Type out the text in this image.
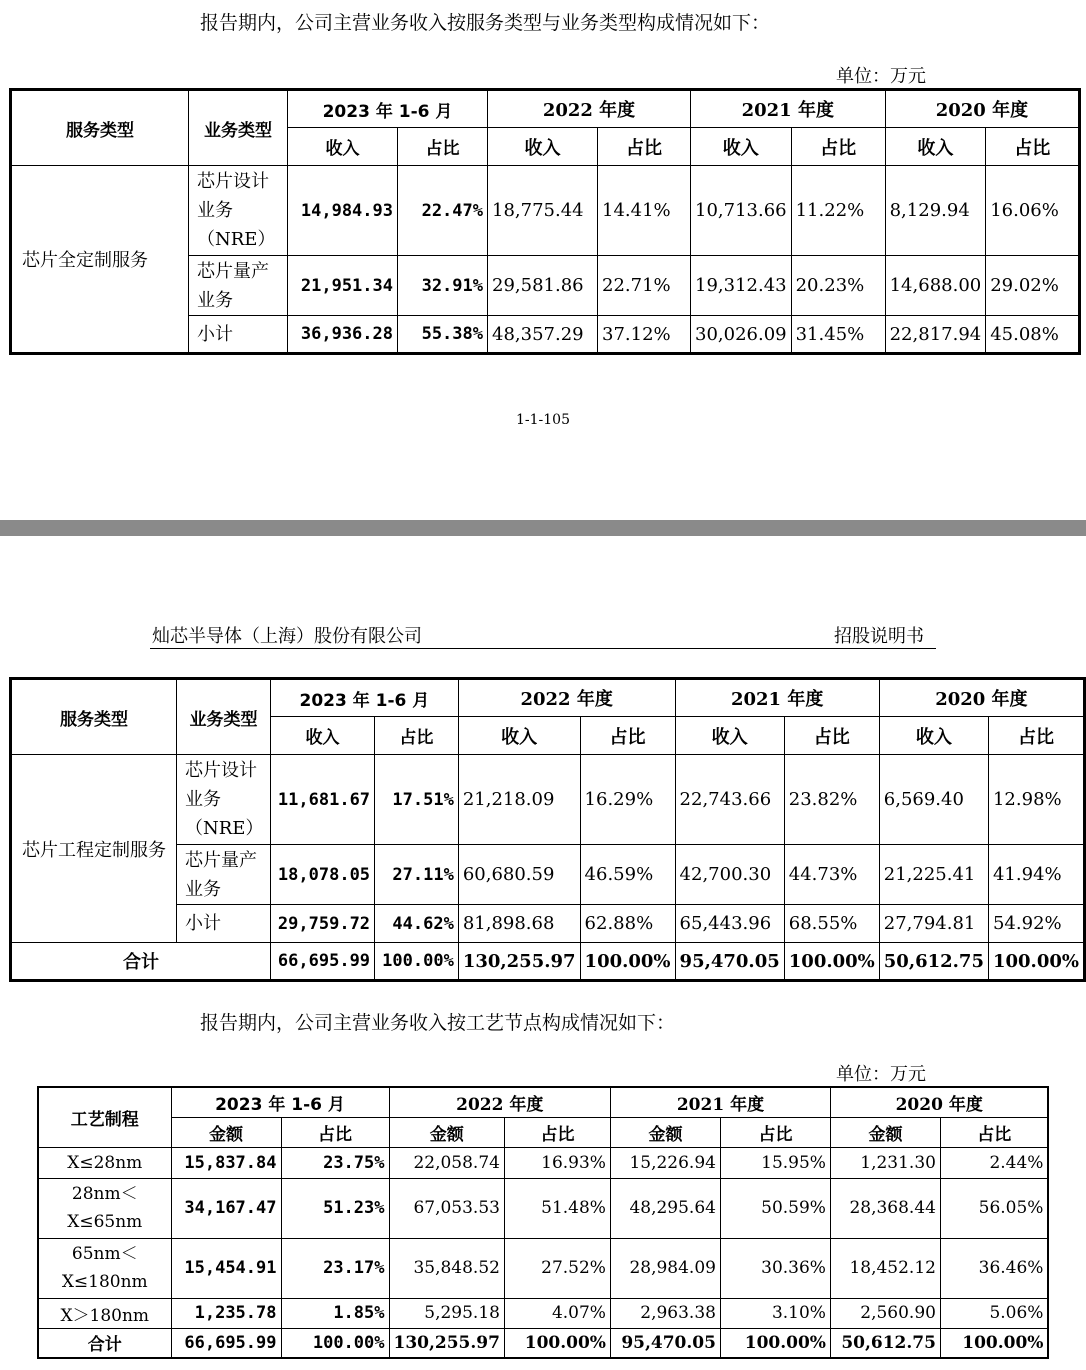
报告期内，公司主营业务收入按服务类型与业务类型构成情况如下：
单位：万元
服务类型	业务类型	2023 年 1-6 月		2022 年度		2021 年度		2020 年度	
		收入	占比	收入	占比	收入	占比	收入	占比
芯片全定制服务	芯片设计
业务
（NRE）	14,984.93	22.47%	18,775.44	14.41%	10,713.66	11.22%	8,129.94	16.06%

	芯片量产
业务	21,951.34	32.91%	29,581.86	22.71%	19,312.43	20.23%	14,688.00	29.02%
	小计	36,936.28	55.38%	48,357.29	37.12%	30,026.09	31.45%	22,817.94	45.08%
1-1-105
灿芯半导体（上海）股份有限公司	招股说明书
服务类型	业务类型	2023 年 1-6 月		2022 年度		2021 年度		2020 年度	
		收入	占比	收入	占比	收入	占比	收入	占比
芯片工程定制服务	芯片设计
业务
（NRE）	11,681.67	17.51%	21,218.09	16.29%	22,743.66	23.82%	6,569.40	12.98%

	芯片量产
业务	18,078.05	27.11%	60,680.59	46.59%	42,700.30	44.73%	21,225.41	41.94%
	小计	29,759.72	44.62%	81,898.68	62.88%	65,443.96	68.55%	27,794.81	54.92%
合计		66,695.99	100.00%	130,255.97	100.00%	95,470.05	100.00%	50,612.75	100.00%
报告期内，公司主营业务收入按工艺节点构成情况如下：
单位：万元
工艺制程	2023 年 1-6 月		2022 年度		2021 年度		2020 年度	
	金额	占比	金额	占比	金额	占比	金额	占比
X≤28nm	15,837.84	23.75%	22,058.74	16.93%	15,226.94	15.95%	1,231.30	2.44%

28nm＜
X≤65nm	34,167.47	51.23%	67,053.53	51.48%	48,295.64	50.59%	28,368.44	56.05%

65nm＜
X≤180nm	15,454.91	23.17%	35,848.52	27.52%	28,984.09	30.36%	18,452.12	36.46%
X＞180nm	1,235.78	1.85%	5,295.18	4.07%	2,963.38	3.10%	2,560.90	5.06%
合计	66,695.99	100.00%	130,255.97	100.00%	95,470.05	100.00%	50,612.75	100.00%
